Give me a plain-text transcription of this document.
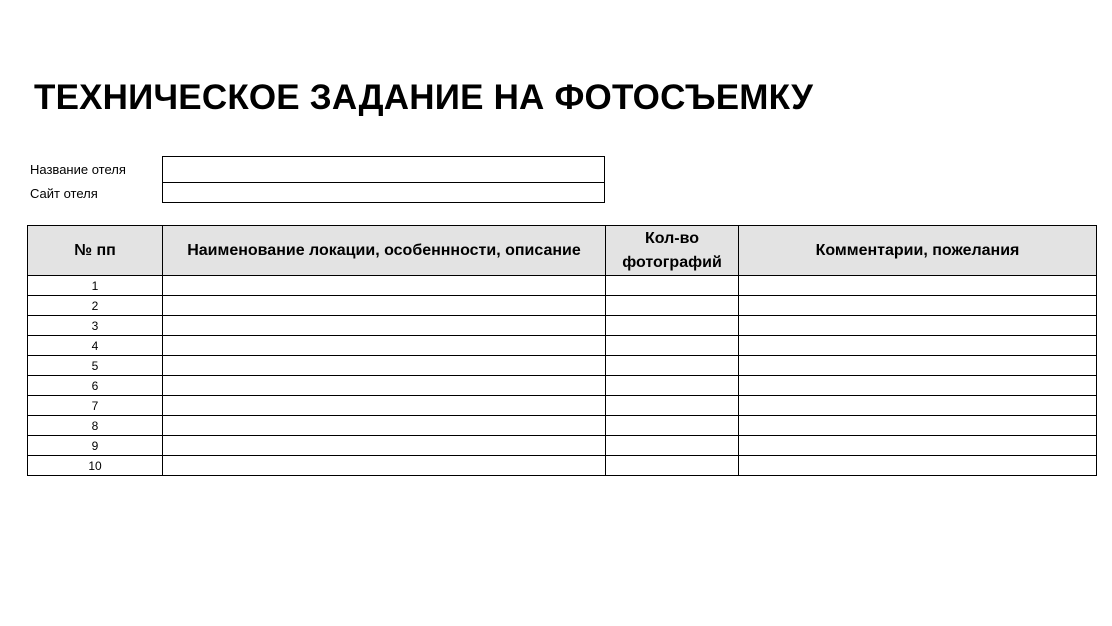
ТЕХНИЧЕСКОЕ ЗАДАНИЕ НА ФОТОСЪЕМКУ
Название отеля
Сайт отеля
№ пп	Наименование локации, особеннности, описание	Кол-во фотографий	Комментарии, пожелания
1			
2			
3			
4			
5			
6			
7			
8			
9			
10			
